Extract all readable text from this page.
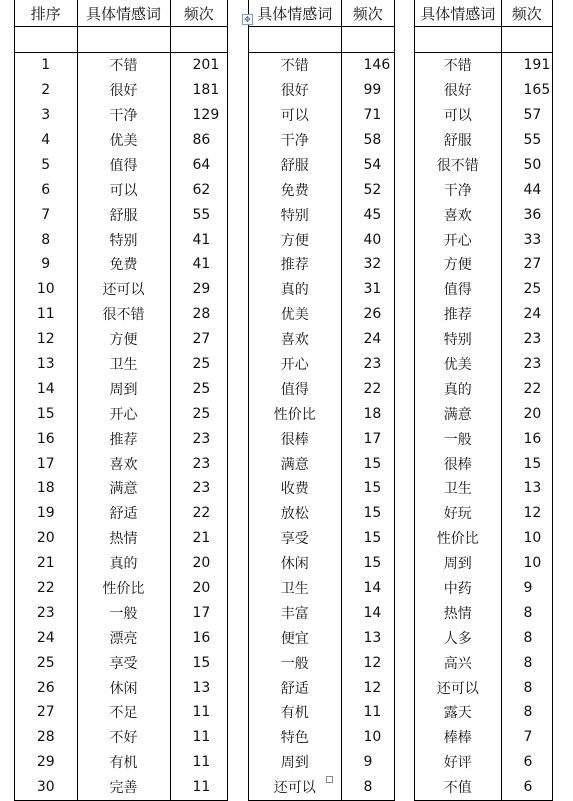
排序	具体情感词	频次

1	不错	201
2	很好	181
3	干净	129
4	优美	86
5	值得	64
6	可以	62
7	舒服	55
8	特别	41
9	免费	41
10	还可以	29
11	很不错	28
12	方便	27
13	卫生	25
14	周到	25
15	开心	25
16	推荐	23
17	喜欢	23
18	满意	23
19	舒适	22
20	热情	21
21	真的	20
22	性价比	20
23	一般	17
24	漂亮	16
25	享受	15
26	休闲	13
27	不足	11
28	不好	11
29	有机	11
30	完善	11
具体情感词	频次

不错	146
很好	99
可以	71
干净	58
舒服	54
免费	52
特别	45
方便	40
推荐	32
真的	31
优美	26
喜欢	24
开心	23
值得	22
性价比	18
很棒	17
满意	15
收费	15
放松	15
享受	15
休闲	15
卫生	14
丰富	14
便宜	13
一般	12
舒适	12
有机	11
特色	10
周到	9
还可以	8
具体情感词	频次

不错	191
很好	165
可以	57
舒服	55
很不错	50
干净	44
喜欢	36
开心	33
方便	27
值得	25
推荐	24
特别	23
优美	23
真的	22
满意	20
一般	16
很棒	15
卫生	13
好玩	12
性价比	10
周到	10
中药	9
热情	8
人多	8
高兴	8
还可以	8
露天	8
棒棒	7
好评	6
不值	6
✥
